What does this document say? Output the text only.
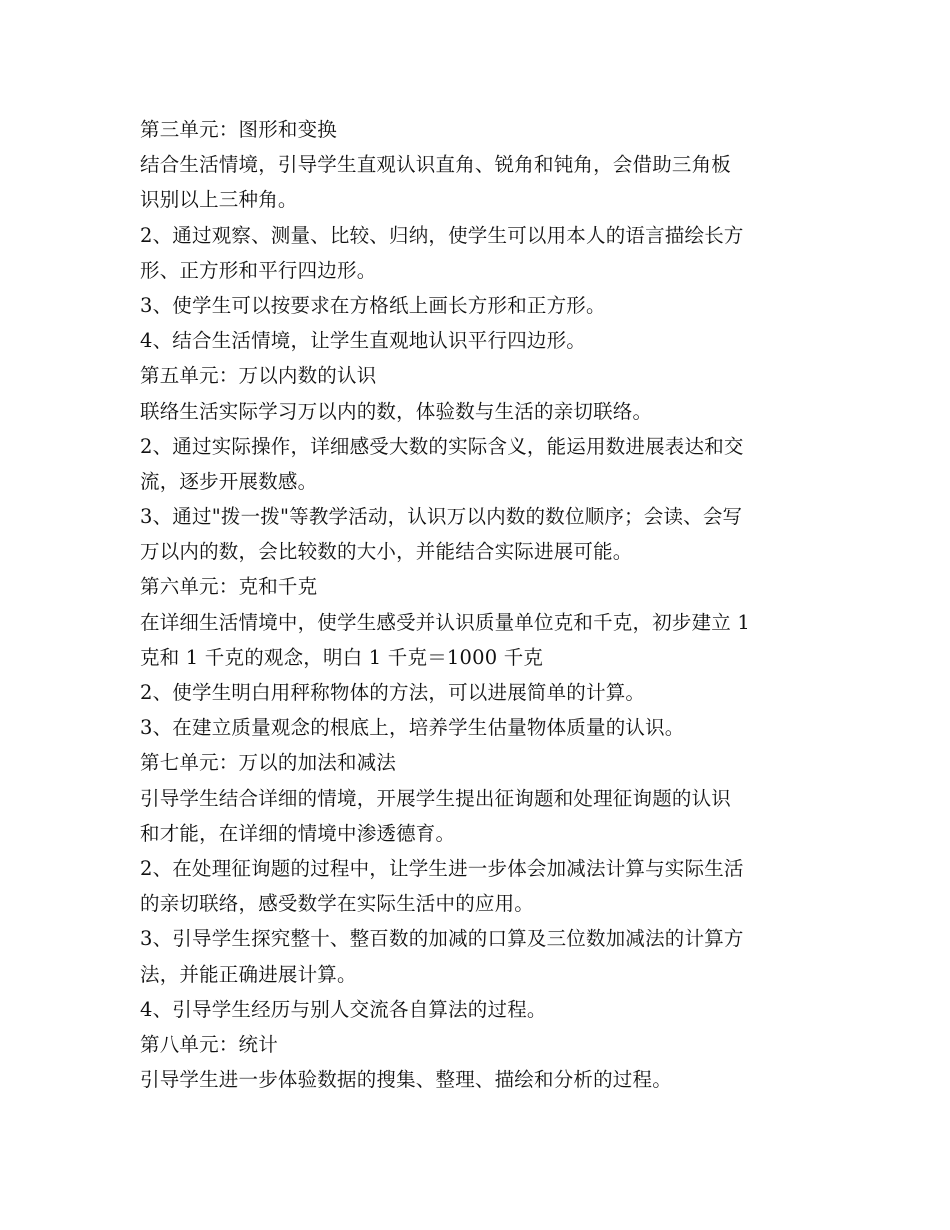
第三单元：图形和变换
结合生活情境，引导学生直观认识直角、锐角和钝角，会借助三角板
识别以上三种角。
2、通过观察、测量、比较、归纳，使学生可以用本人的语言描绘长方
形、正方形和平行四边形。
3、使学生可以按要求在方格纸上画长方形和正方形。
4、结合生活情境，让学生直观地认识平行四边形。
第五单元：万以内数的认识
联络生活实际学习万以内的数，体验数与生活的亲切联络。
2、通过实际操作，详细感受大数的实际含义，能运用数进展表达和交
流，逐步开展数感。
3、通过"拨一拨"等教学活动，认识万以内数的数位顺序；会读、会写
万以内的数，会比较数的大小，并能结合实际进展可能。
第六单元：克和千克
在详细生活情境中，使学生感受并认识质量单位克和千克，初步建立 1
克和 1 千克的观念，明白 1 千克＝1000 千克
2、使学生明白用秤称物体的方法，可以进展简单的计算。
3、在建立质量观念的根底上，培养学生估量物体质量的认识。
第七单元：万以的加法和减法
引导学生结合详细的情境，开展学生提出征询题和处理征询题的认识
和才能，在详细的情境中渗透德育。
2、在处理征询题的过程中，让学生进一步体会加减法计算与实际生活
的亲切联络，感受数学在实际生活中的应用。
3、引导学生探究整十、整百数的加减的口算及三位数加减法的计算方
法，并能正确进展计算。
4、引导学生经历与别人交流各自算法的过程。
第八单元：统计
引导学生进一步体验数据的搜集、整理、描绘和分析的过程。
